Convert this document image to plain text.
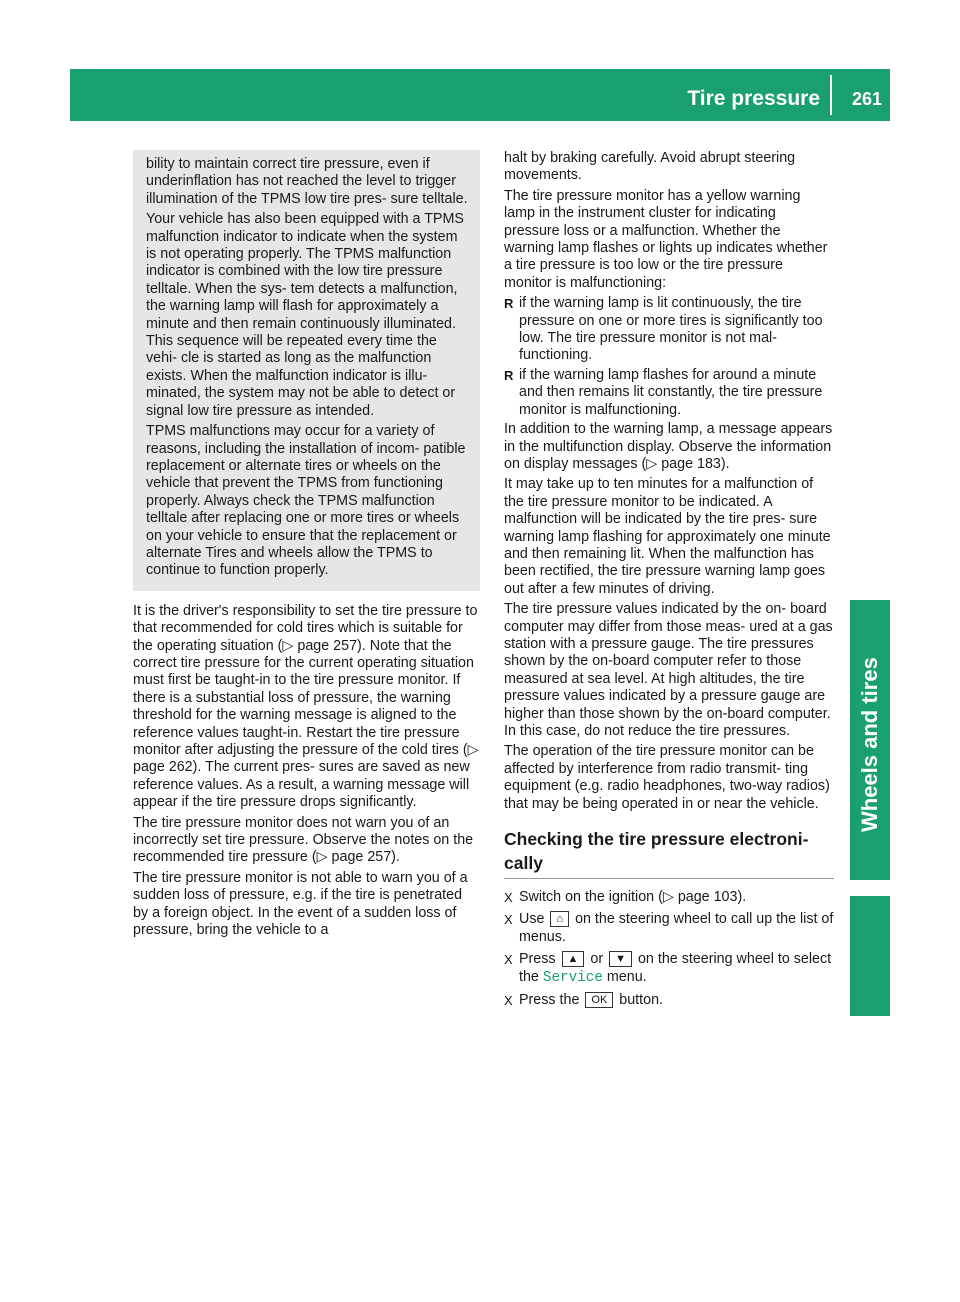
Tire pressure 261
Wheels and tires

bility to maintain correct tire pressure, even if underinflation has not reached the level to trigger illumination of the TPMS low tire pres- sure telltale.

Your vehicle has also been equipped with a TPMS malfunction indicator to indicate when the system is not operating properly. The TPMS malfunction indicator is combined with the low tire pressure telltale. When the sys- tem detects a malfunction, the warning lamp will flash for approximately a minute and then remain continuously illuminated. This sequence will be repeated every time the vehi- cle is started as long as the malfunction exists. When the malfunction indicator is illu- minated, the system may not be able to detect or signal low tire pressure as intended.

TPMS malfunctions may occur for a variety of reasons, including the installation of incom- patible replacement or alternate tires or wheels on the vehicle that prevent the TPMS from functioning properly. Always check the TPMS malfunction telltale after replacing one or more tires or wheels on your vehicle to ensure that the replacement or alternate Tires and wheels allow the TPMS to continue to function properly.

It is the driver's responsibility to set the tire pressure to that recommended for cold tires which is suitable for the operating situation (▷ page 257). Note that the correct tire pressure for the current operating situation must first be taught-in to the tire pressure monitor. If there is a substantial loss of pressure, the warning threshold for the warning message is aligned to the reference values taught-in. Restart the tire pressure monitor after adjusting the pressure of the cold tires (▷ page 262). The current pres- sures are saved as new reference values. As a result, a warning message will appear if the tire pressure drops significantly.

The tire pressure monitor does not warn you of an incorrectly set tire pressure. Observe the notes on the recommended tire pressure (▷ page 257).

The tire pressure monitor is not able to warn you of a sudden loss of pressure, e.g. if the tire is penetrated by a foreign object. In the event of a sudden loss of pressure, bring the vehicle to a

halt by braking carefully. Avoid abrupt steering movements.

The tire pressure monitor has a yellow warning lamp in the instrument cluster for indicating pressure loss or a malfunction. Whether the warning lamp flashes or lights up indicates whether a tire pressure is too low or the tire pressure monitor is malfunctioning:

R if the warning lamp is lit continuously, the tire pressure on one or more tires is significantly too low. The tire pressure monitor is not mal- functioning.
R if the warning lamp flashes for around a minute and then remains lit constantly, the tire pressure monitor is malfunctioning.

In addition to the warning lamp, a message appears in the multifunction display. Observe the information on display messages (▷ page 183).

It may take up to ten minutes for a malfunction of the tire pressure monitor to be indicated. A malfunction will be indicated by the tire pres- sure warning lamp flashing for approximately one minute and then remaining lit. When the malfunction has been rectified, the tire pressure warning lamp goes out after a few minutes of driving.

The tire pressure values indicated by the on- board computer may differ from those meas- ured at a gas station with a pressure gauge. The tire pressures shown by the on-board computer refer to those measured at sea level. At high altitudes, the tire pressure values indicated by a pressure gauge are higher than those shown by the on-board computer. In this case, do not reduce the tire pressures.

The operation of the tire pressure monitor can be affected by interference from radio transmit- ting equipment (e.g. radio headphones, two-way radios) that may be being operated in or near the vehicle.

Checking the tire pressure electroni- cally
X Switch on the ignition (▷ page 103).
X Use ⌂ on the steering wheel to call up the list of menus.
X Press ▲ or ▼ on the steering wheel to select the Service menu.
X Press the OK button.
